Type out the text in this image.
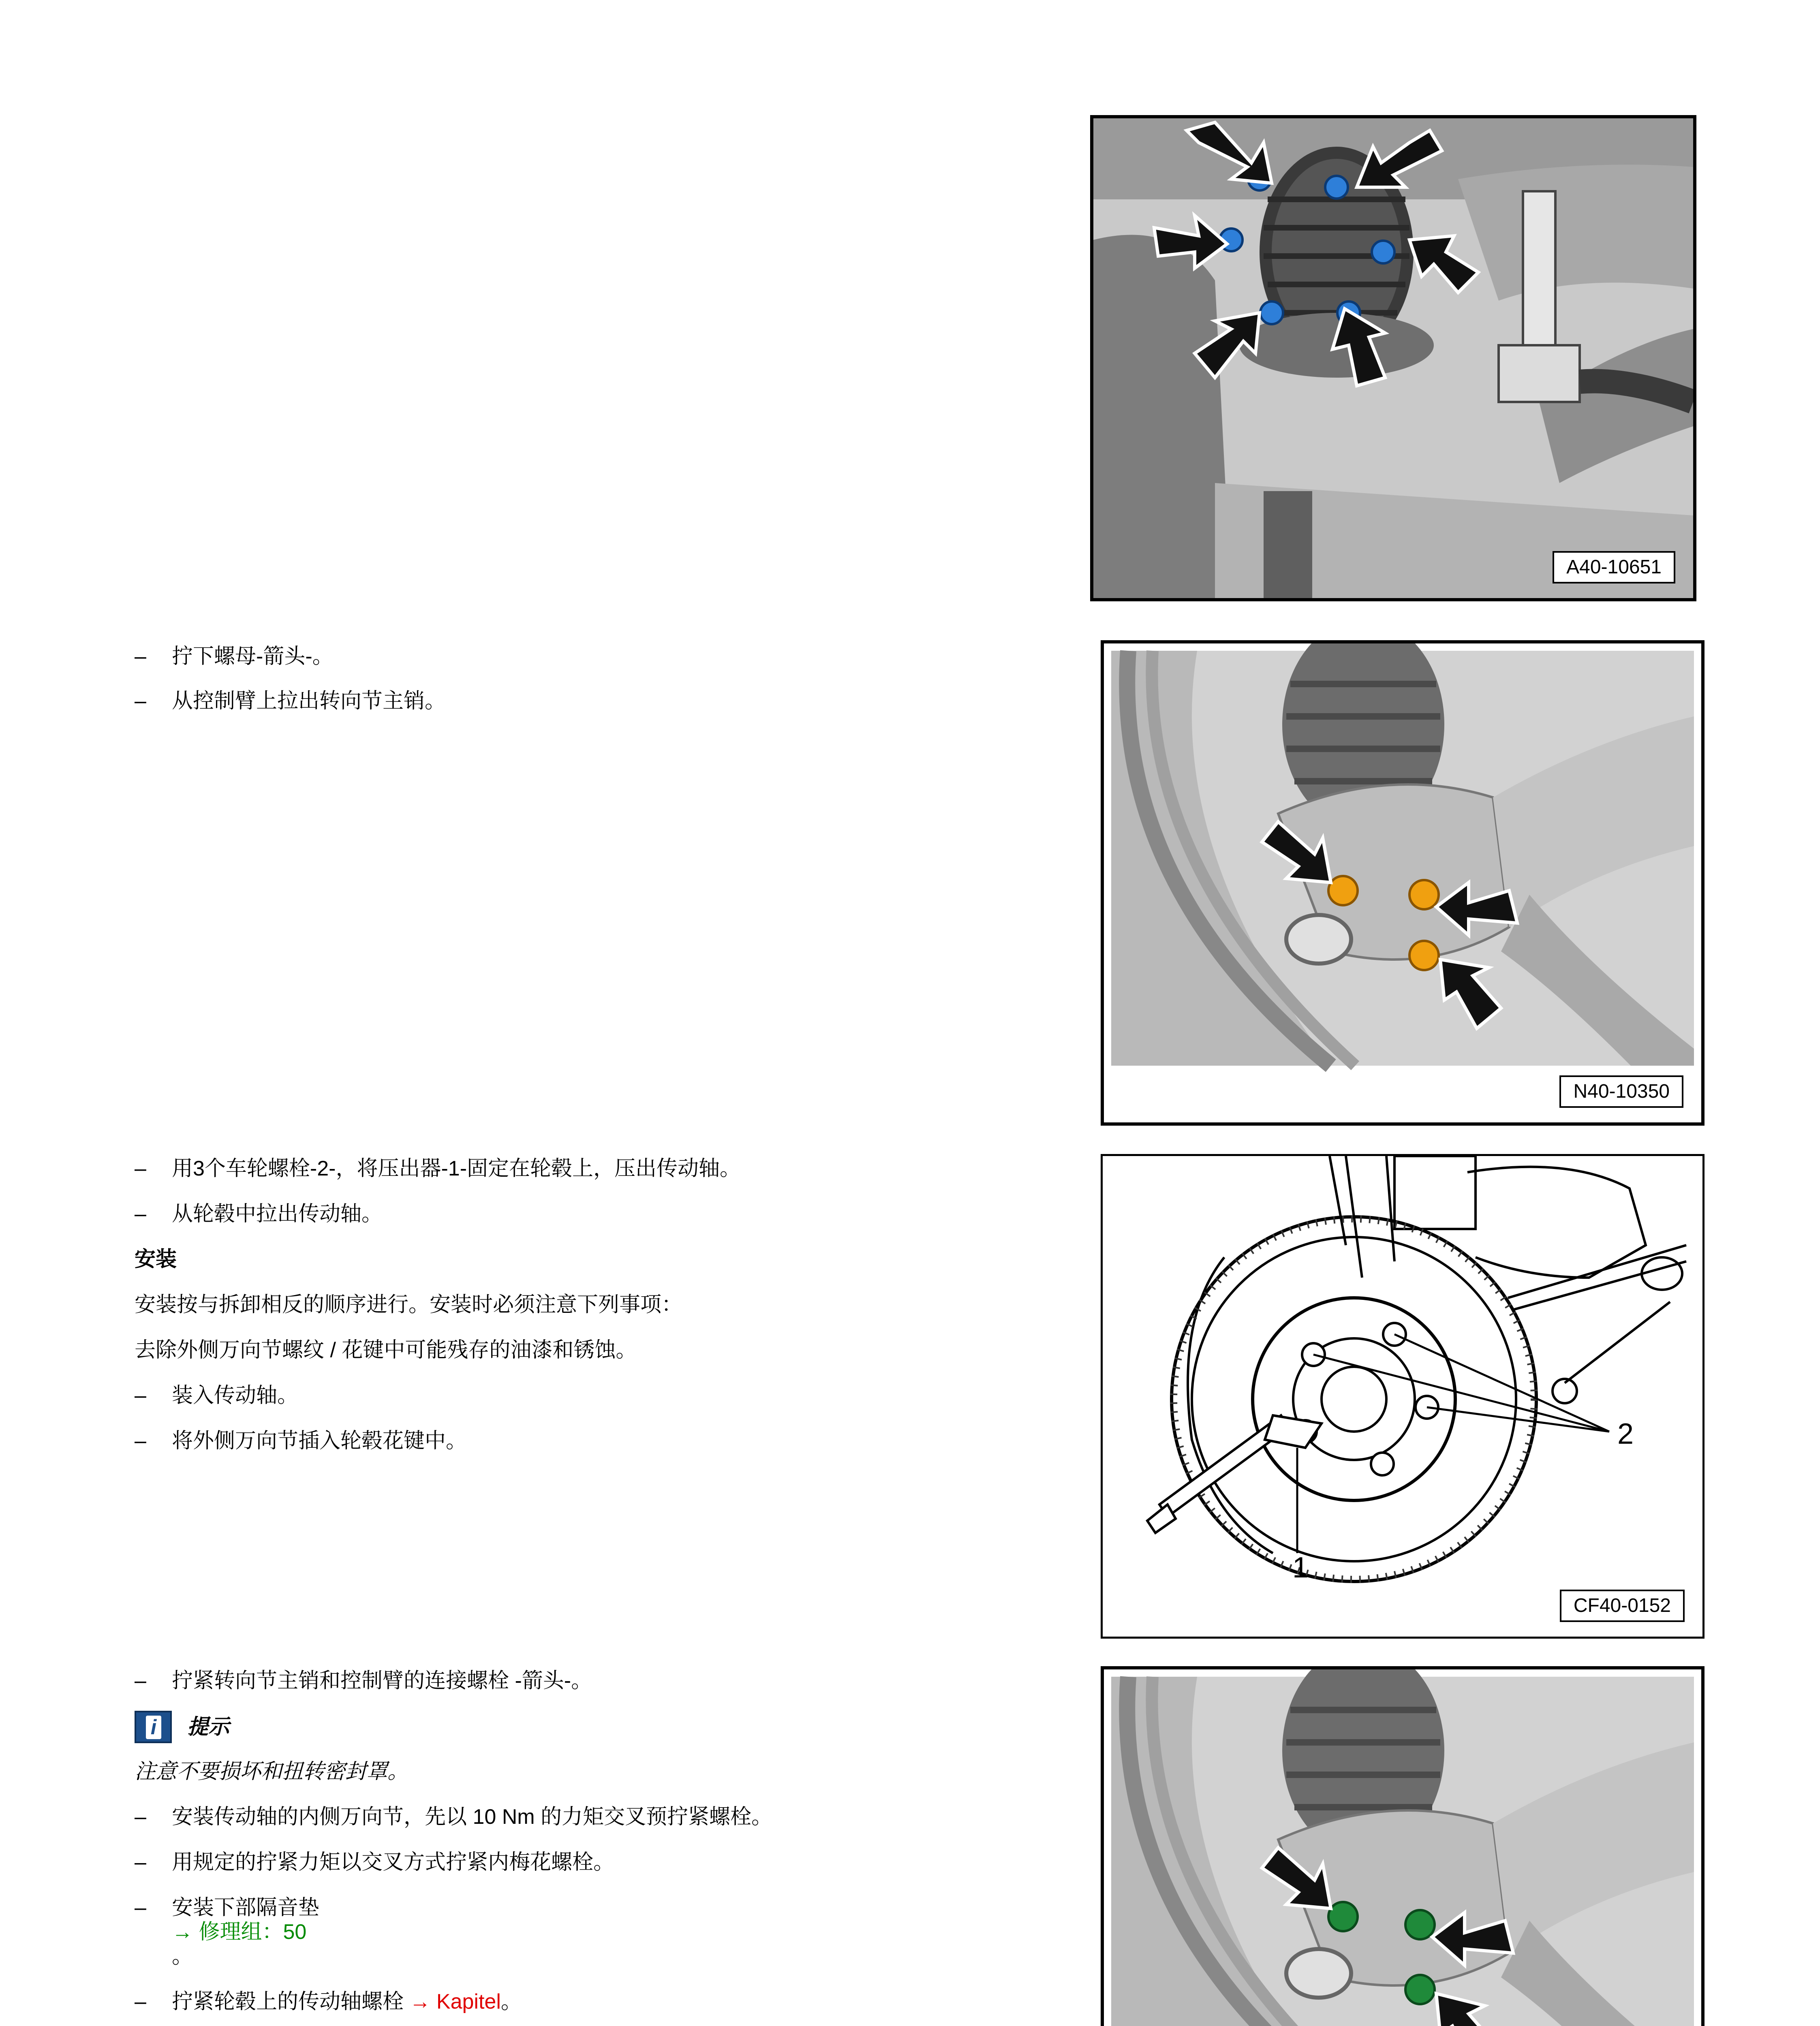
A40-10651
– 拧下螺母-箭头-。
– 从控制臂上拉出转向节主销。
N40-10350
– 用3个车轮螺栓-2-，将压出器-1-固定在轮毂上，压出传动轴。
– 从轮毂中拉出传动轴。
安装
安装按与拆卸相反的顺序进行。安装时必须注意下列事项：
去除外侧万向节螺纹 / 花键中可能残存的油漆和锈蚀。
– 装入传动轴。
– 将外侧万向节插入轮毂花键中。
1
2
CF40-0152
– 拧紧转向节主销和控制臂的连接螺栓 -箭头-。
i 提示
注意不要损坏和扭转密封罩。
– 安装传动轴的内侧万向节，先以 10 Nm 的力矩交叉预拧紧螺栓。
– 用规定的拧紧力矩以交叉方式拧紧内梅花螺栓。
– 安装下部隔音垫
→ 修理组：50
。
– 拧紧轮毂上的传动轴螺栓 → Kapitel。
